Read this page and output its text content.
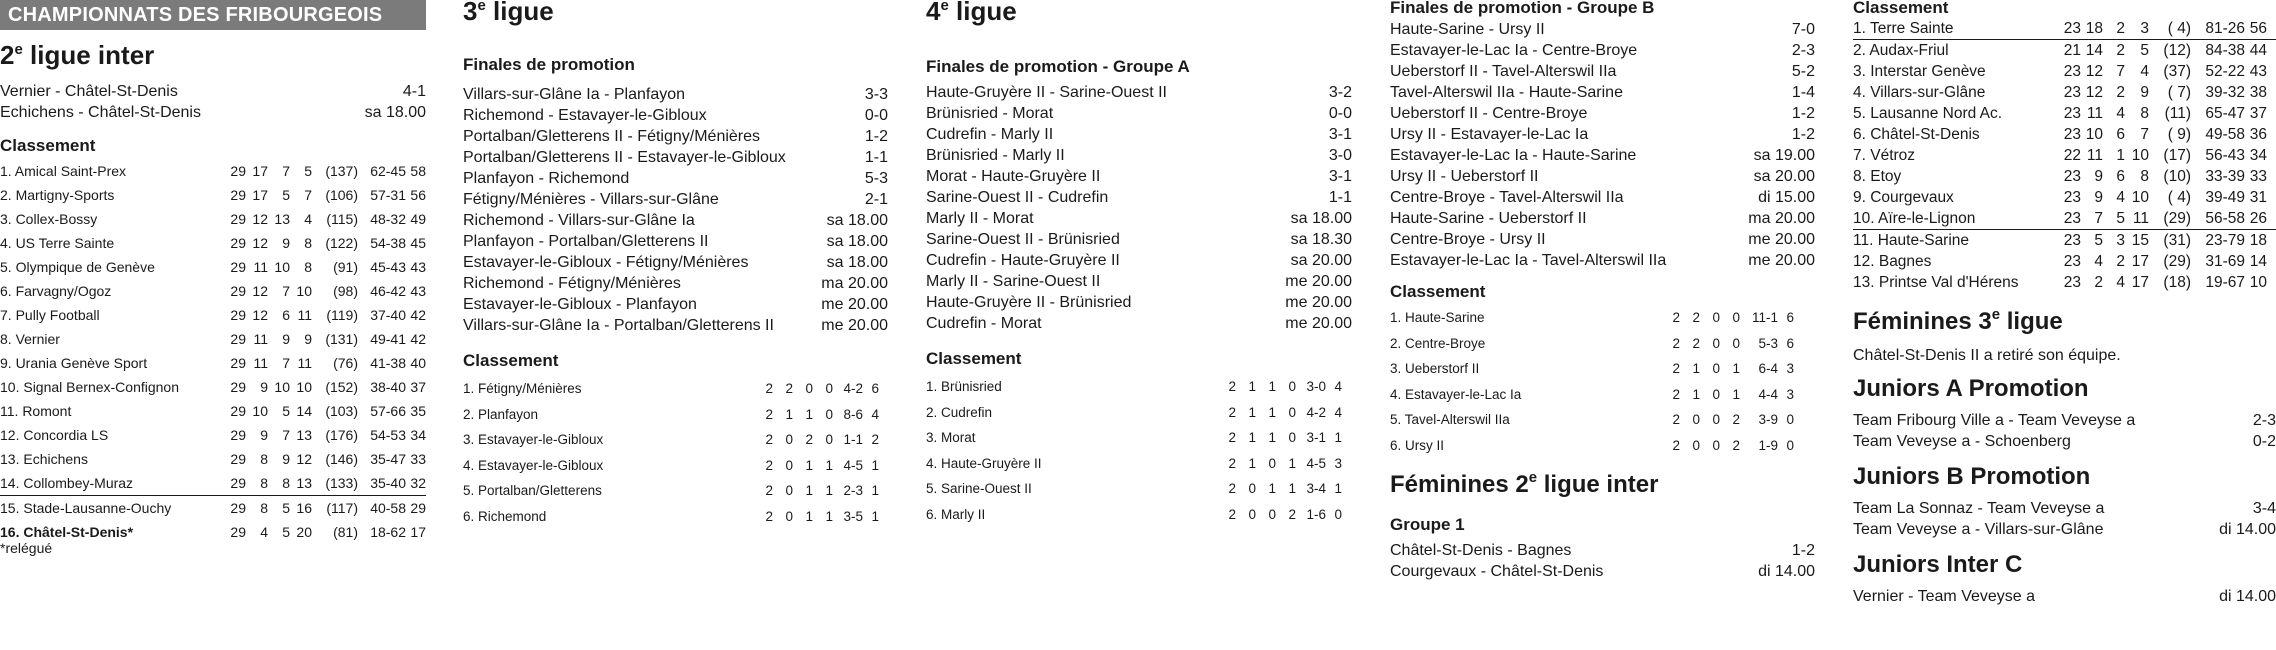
CHAMPIONNATS DES FRIBOURGEOIS
2e ligue inter
Vernier - Châtel-St-Denis	4-1
Echichens - Châtel-St-Denis	sa 18.00
Classement
1. Amical Saint-Prex	29 17	7	5 (137) 62-45 58
2. Martigny-Sports	29 17	5	7 (106) 57-31 56
3. Collex-Bossy	29 12 13	4	(115) 48-32 49
4. US Terre Sainte	29 12	9	8 (122) 54-38 45
5. Olympique de Genève	29 11 10	8	(91) 45-43 43
6. Farvagny/Ogoz	29 12	7 10	(98) 46-42 43
7. Pully Football	29 12	6 11	(119) 37-40 42
8. Vernier	29 11	9	9 (131) 49-41 42
9. Urania Genève Sport	29 11	7 11	(76) 41-38 40
10. Signal Bernex-Confignon	29	9 10 10 (152) 38-40 37
11. Romont	29 10	5 14 (103) 57-66 35
12. Concordia LS	29	9	7 13 (176) 54-53 34
13. Echichens	29	8	9 12 (146) 35-47 33
14. Collombey-Muraz	29	8	8 13 (133) 35-40 32
15. Stade-Lausanne-Ouchy	29	8	5 16	(117) 40-58 29
16. Châtel-St-Denis*	29	4	5 20	(81) 18-62 17
*relégué
3e ligue
Finales de promotion
Villars-sur-Glâne Ia - Planfayon	3-3
Richemond - Estavayer-le-Gibloux	0-0
Portalban/Gletterens II - Fétigny/Ménières	1-2
Portalban/Gletterens II - Estavayer-le-Gibloux	1-1
Planfayon - Richemond	5-3
Fétigny/Ménières - Villars-sur-Glâne	2-1
Richemond - Villars-sur-Glâne Ia	sa 18.00
Planfayon - Portalban/Gletterens II	sa 18.00
Estavayer-le-Gibloux - Fétigny/Ménières	sa 18.00
Richemond - Fétigny/Ménières	ma 20.00
Estavayer-le-Gibloux - Planfayon	me 20.00
Villars-sur-Glâne Ia - Portalban/Gletterens II	me 20.00
Classement
1. Fétigny/Ménières	2 2 0 0 4-2 6
2. Planfayon	2 1 1 0 8-6 4
3. Estavayer-le-Gibloux	2 0 2 0 1-1 2
4. Estavayer-le-Gibloux	2 0 1 1 4-5 1
5. Portalban/Gletterens	2 0 1 1 2-3 1
6. Richemond	2 0 1 1 3-5 1
4e ligue
Finales de promotion - Groupe A
Haute-Gruyère II - Sarine-Ouest II	3-2
Brünisried - Morat	0-0
Cudrefin - Marly II	3-1
Brünisried - Marly II	3-0
Morat - Haute-Gruyère II	3-1
Sarine-Ouest II - Cudrefin	1-1
Marly II - Morat	sa 18.00
Sarine-Ouest II - Brünisried	sa 18.30
Cudrefin - Haute-Gruyère II	sa 20.00
Marly II - Sarine-Ouest II	me 20.00
Haute-Gruyère II - Brünisried	me 20.00
Cudrefin - Morat	me 20.00
Classement
1. Brünisried	2 1 1 0 3-0 4
2. Cudrefin	2 1 1 0 4-2 4
3. Morat	2 1 1 0 3-1 1
4. Haute-Gruyère II	2 1 0 1 4-5 3
5. Sarine-Ouest II	2 0 1 1 3-4 1
6. Marly II	2 0 0 2 1-6 0
Finales de promotion - Groupe B
Haute-Sarine - Ursy II	7-0
Estavayer-le-Lac Ia - Centre-Broye	2-3
Ueberstorf II - Tavel-Alterswil IIa	5-2
Tavel-Alterswil IIa - Haute-Sarine	1-4
Ueberstorf II - Centre-Broye	1-2
Ursy II - Estavayer-le-Lac Ia	1-2
Estavayer-le-Lac Ia - Haute-Sarine	sa 19.00
Ursy II - Ueberstorf II	sa 20.00
Centre-Broye - Tavel-Alterswil IIa	di 15.00
Haute-Sarine - Ueberstorf II	ma 20.00
Centre-Broye - Ursy II	me 20.00
Estavayer-le-Lac Ia - Tavel-Alterswil IIa	me 20.00
Classement
1. Haute-Sarine	2 2 0 0 11-1 6
2. Centre-Broye	2 2 0 0	5-3 6
3. Ueberstorf II	2 1 0 1	6-4 3
4. Estavayer-le-Lac Ia	2 1 0 1	4-4 3
5. Tavel-Alterswil IIa	2 0 0 2	3-9 0
6. Ursy II	2 0 0 2	1-9 0
Féminines 2e ligue inter
Groupe 1
Châtel-St-Denis - Bagnes	1-2
Courgevaux - Châtel-St-Denis	di 14.00
Classement
1. Terre Sainte	23 18 2 3	( 4) 81-26 56
2. Audax-Friul	21 14 2 5 (12) 84-38 44
3. Interstar Genève	23 12 7 4 (37) 52-22 43
4. Villars-sur-Glâne	23 12 2 9	( 7) 39-32 38
5. Lausanne Nord Ac.	23 11 4 8	(11) 65-47 37
6. Châtel-St-Denis	23 10 6 7	( 9) 49-58 36
7. Vétroz	22 11 1 10 (17) 56-43 34
8. Etoy	23 9 6 8 (10) 33-39 33
9. Courgevaux	23 9 4 10	( 4) 39-49 31
10. Aïre-le-Lignon	23 7 5 11 (29) 56-58 26
11. Haute-Sarine	23 5 3 15 (31) 23-79 18
12. Bagnes	23 4 2 17 (29) 31-69 14
13. Printse Val d'Hérens	23 2 4 17 (18) 19-67 10
Féminines 3e ligue
Châtel-St-Denis II a retiré son équipe.
Juniors A Promotion
Team Fribourg Ville a - Team Veveyse a	2-3
Team Veveyse a - Schoenberg	0-2
Juniors B Promotion
Team La Sonnaz - Team Veveyse a	3-4
Team Veveyse a - Villars-sur-Glâne	di 14.00
Juniors Inter C
Vernier - Team Veveyse a	di 14.00
